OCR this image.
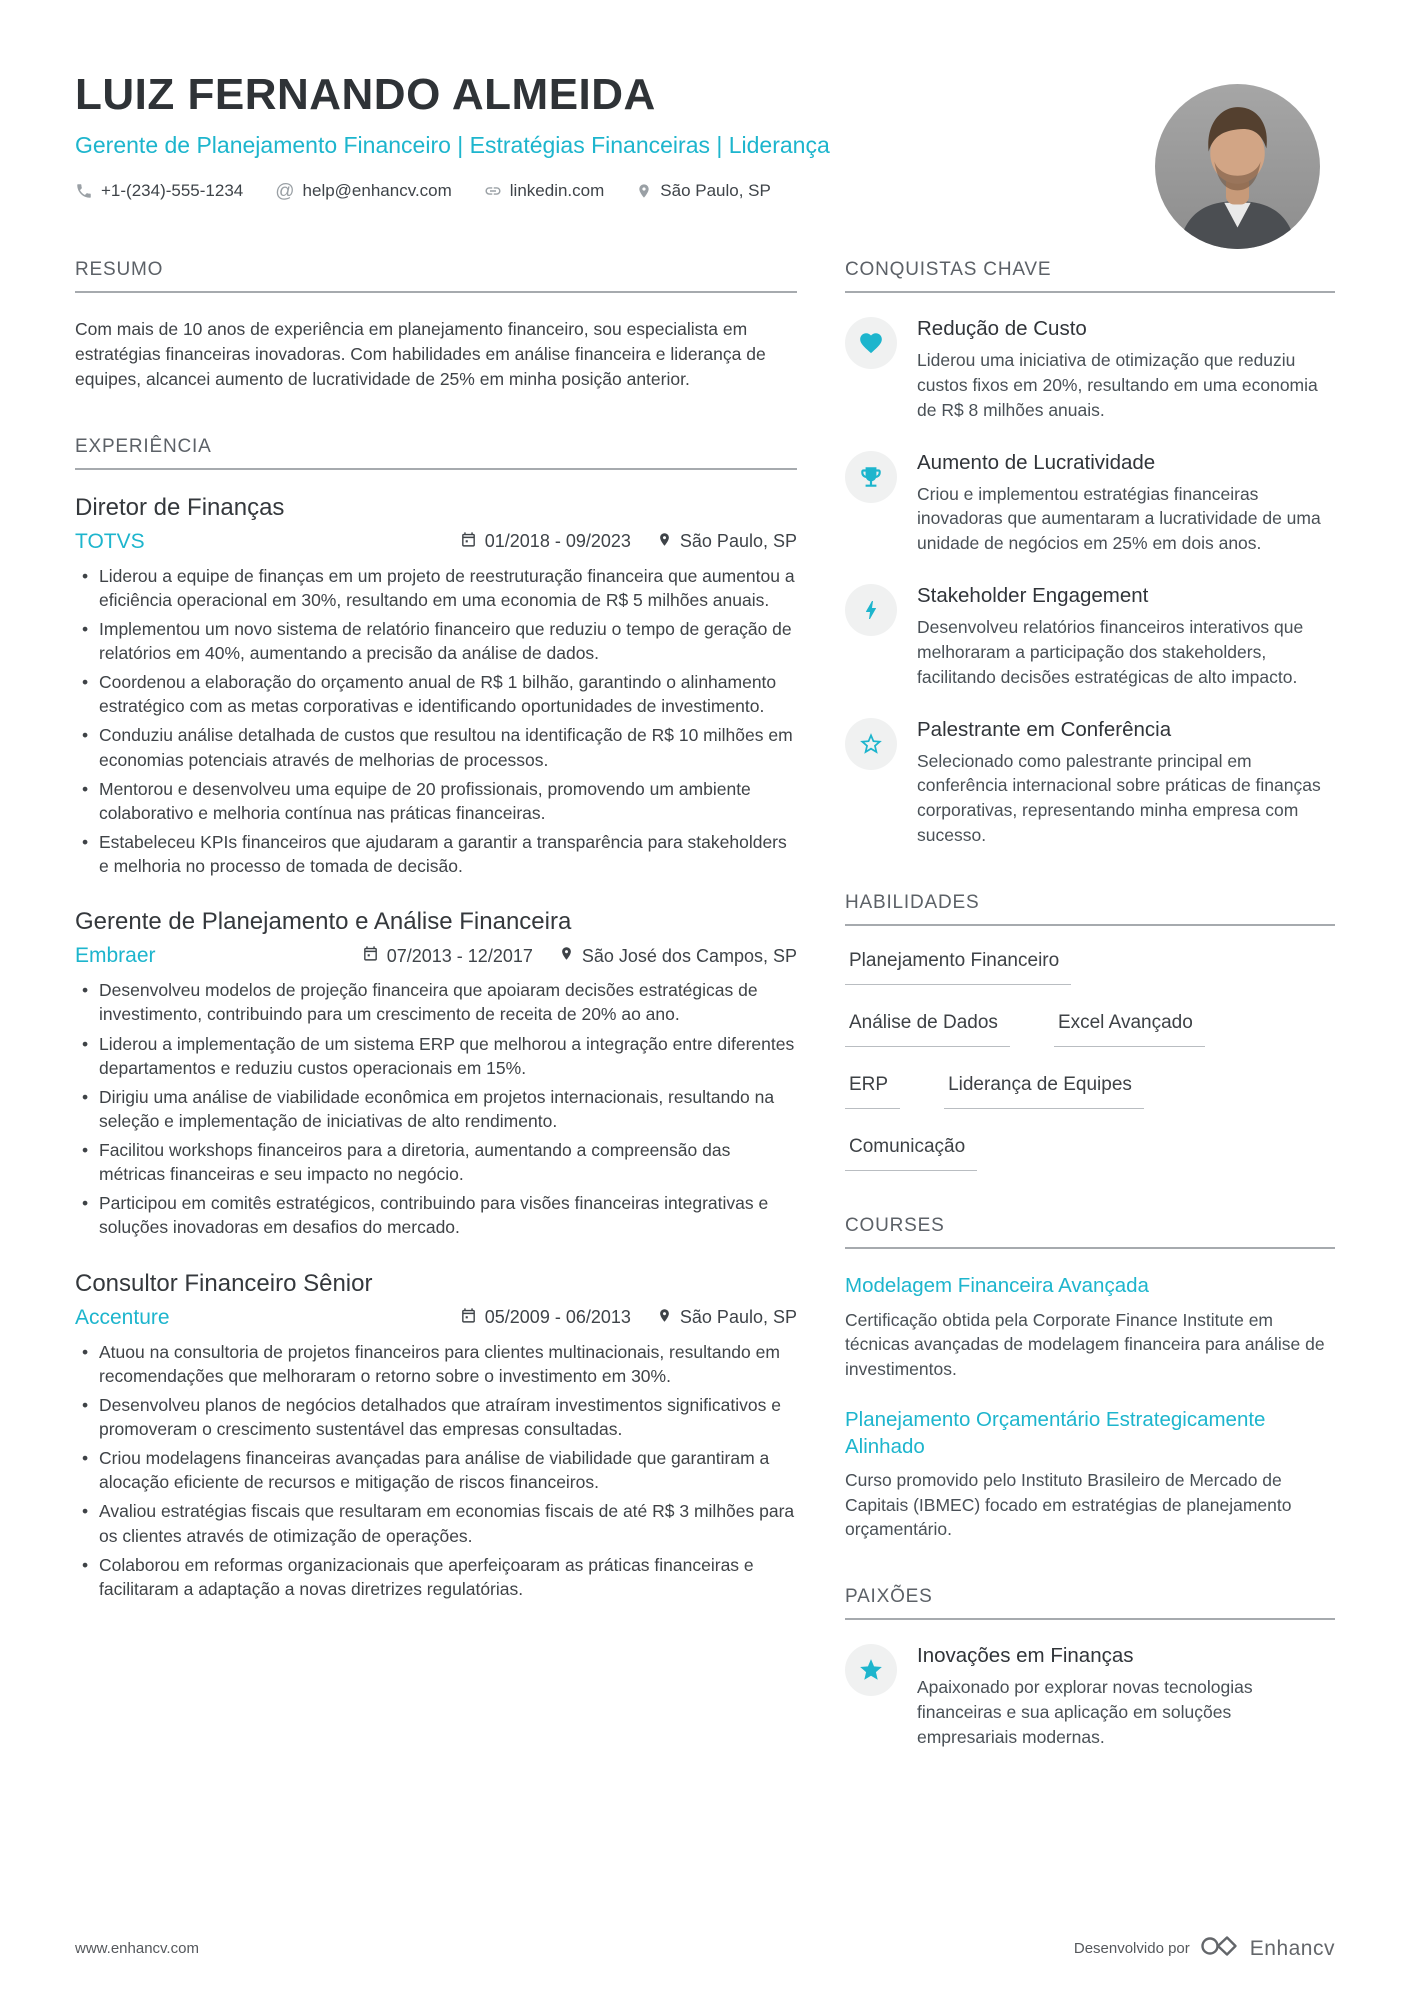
LUIZ FERNANDO ALMEIDA
Gerente de Planejamento Financeiro | Estratégias Financeiras | Liderança
+1-(234)-555-1234 @ help@enhancv.com	linkedin.com	São Paulo, SP
RESUMO

Com mais de 10 anos de experiência em planejamento financeiro, sou especialista em estratégias financeiras inovadoras. Com habilidades em análise financeira e liderança de equipes, alcancei aumento de lucratividade de 25% em minha posição anterior.

EXPERIÊNCIA
Diretor de Finanças
TOTVS	01/2018 - 09/2023	São Paulo, SP
• Liderou a equipe de finanças em um projeto de reestruturação financeira que aumentou a eficiência operacional em 30%, resultando em uma economia de R$ 5 milhões anuais.
• Implementou um novo sistema de relatório financeiro que reduziu o tempo de geração de relatórios em 40%, aumentando a precisão da análise de dados.
• Coordenou a elaboração do orçamento anual de R$ 1 bilhão, garantindo o alinhamento estratégico com as metas corporativas e identificando oportunidades de investimento.
• Conduziu análise detalhada de custos que resultou na identificação de R$ 10 milhões em economias potenciais através de melhorias de processos.
• Mentorou e desenvolveu uma equipe de 20 profissionais, promovendo um ambiente colaborativo e melhoria contínua nas práticas financeiras.
• Estabeleceu KPIs financeiros que ajudaram a garantir a transparência para stakeholders e melhoria no processo de tomada de decisão.
Gerente de Planejamento e Análise Financeira
Embraer	07/2013 - 12/2017	São José dos Campos, SP
• Desenvolveu modelos de projeção financeira que apoiaram decisões estratégicas de investimento, contribuindo para um crescimento de receita de 20% ao ano.
• Liderou a implementação de um sistema ERP que melhorou a integração entre diferentes departamentos e reduziu custos operacionais em 15%.
• Dirigiu uma análise de viabilidade econômica em projetos internacionais, resultando na seleção e implementação de iniciativas de alto rendimento.
• Facilitou workshops financeiros para a diretoria, aumentando a compreensão das métricas financeiras e seu impacto no negócio.
• Participou em comitês estratégicos, contribuindo para visões financeiras integrativas e soluções inovadoras em desafios do mercado.
Consultor Financeiro Sênior
Accenture	05/2009 - 06/2013	São Paulo, SP
• Atuou na consultoria de projetos financeiros para clientes multinacionais, resultando em recomendações que melhoraram o retorno sobre o investimento em 30%.
• Desenvolveu planos de negócios detalhados que atraíram investimentos significativos e promoveram o crescimento sustentável das empresas consultadas.
• Criou modelagens financeiras avançadas para análise de viabilidade que garantiram a alocação eficiente de recursos e mitigação de riscos financeiros.
• Avaliou estratégias fiscais que resultaram em economias fiscais de até R$ 3 milhões para os clientes através de otimização de operações.
• Colaborou em reformas organizacionais que aperfeiçoaram as práticas financeiras e facilitaram a adaptação a novas diretrizes regulatórias.
CONQUISTAS CHAVE
Redução de Custo
Liderou uma iniciativa de otimização que reduziu custos fixos em 20%, resultando em uma economia de R$ 8 milhões anuais.
Aumento de Lucratividade
Criou e implementou estratégias financeiras inovadoras que aumentaram a lucratividade de uma unidade de negócios em 25% em dois anos.
Stakeholder Engagement
Desenvolveu relatórios financeiros interativos que melhoraram a participação dos stakeholders, facilitando decisões estratégicas de alto impacto.
Palestrante em Conferência
Selecionado como palestrante principal em conferência internacional sobre práticas de finanças corporativas, representando minha empresa com sucesso.
HABILIDADES
Planejamento Financeiro
Análise de Dados	Excel Avançado
ERP	Liderança de Equipes
Comunicação
COURSES
Modelagem Financeira Avançada
Certificação obtida pela Corporate Finance Institute em técnicas avançadas de modelagem financeira para análise de investimentos.
Planejamento Orçamentário Estrategicamente Alinhado
Curso promovido pelo Instituto Brasileiro de Mercado de Capitais (IBMEC) focado em estratégias de planejamento orçamentário.
PAIXÕES
Inovações em Finanças
Apaixonado por explorar novas tecnologias financeiras e sua aplicação em soluções empresariais modernas.
www.enhancv.com	Desenvolvido por	Enhancv
